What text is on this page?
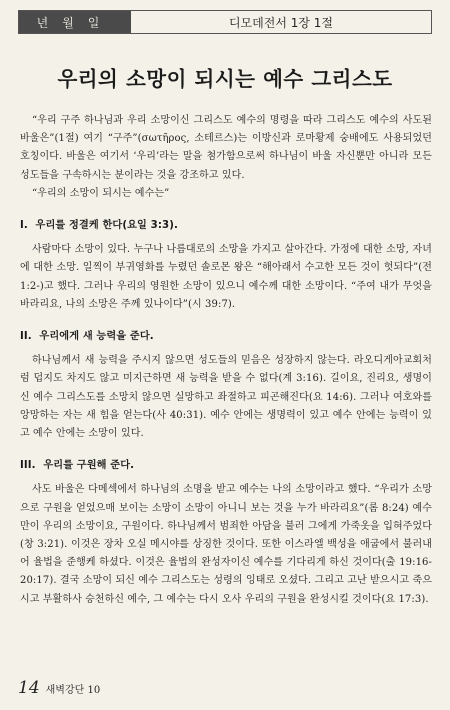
년월일	디모데전서 1장 1절
우리의 소망이 되시는 예수 그리스도

“우리 구주 하나님과 우리 소망이신 그리스도 예수의 명령을 따라 그리스도 예수의 사도된 바울은”(1절) 여기 “구주”(σωτῆρος, 소테르스)는 이방신과 로마황제 숭배에도 사용되었던 호칭이다. 바울은 여기서 ‘우리’라는 말을 첨가함으로써 하나님이 바울 자신뿐만 아니라 모든 성도들을 구속하시는 분이라는 것을 강조하고 있다.

“우리의 소망이 되시는 예수는”

I. 우리를 정결케 한다(요일 3:3).

사람마다 소망이 있다. 누구나 나름대로의 소망을 가지고 살아간다. 가정에 대한 소망, 자녀에 대한 소망. 일찍이 부귀영화를 누렸던 솔로몬 왕은 “해아래서 수고한 모든 것이 헛되다”(전 1:2-)고 했다. 그러나 우리의 영원한 소망이 있으니 예수께 대한 소망이다. “주여 내가 무엇을 바라리요, 나의 소망은 주께 있나이다”(시 39:7).

II. 우리에게 새 능력을 준다.

하나님께서 새 능력을 주시지 않으면 성도들의 믿음은 성장하지 않는다. 라오디게아교회처럼 덥지도 차지도 않고 미지근하면 새 능력을 받을 수 없다(계 3:16). 길이요, 진리요, 생명이신 예수 그리스도를 소망치 않으면 실망하고 좌절하고 피곤해진다(요 14:6). 그러나 여호와를 앙망하는 자는 새 힘을 얻는다(사 40:31). 예수 안에는 생명력이 있고 예수 안에는 능력이 있고 예수 안에는 소망이 있다.

III. 우리를 구원해 준다.

사도 바울은 다메섹에서 하나님의 소명을 받고 예수는 나의 소망이라고 했다. “우리가 소망으로 구원을 얻었으매 보이는 소망이 소망이 아니니 보는 것을 누가 바라리요”(롬 8:24) 예수만이 우리의 소망이요, 구원이다. 하나님께서 범죄한 아담을 불러 그에게 가죽옷을 입혀주었다(창 3:21). 이것은 장차 오실 메시야를 상징한 것이다. 또한 이스라엘 백성을 애굽에서 불러내어 율법을 준행케 하셨다. 이것은 율법의 완성자이신 예수를 기다리게 하신 것이다(출 19:16-20:17). 결국 소망이 되신 예수 그리스도는 성령의 잉태로 오셨다. 그리고 고난 받으시고 죽으시고 부활하사 승천하신 예수, 그 예수는 다시 오사 우리의 구원을 완성시킬 것이다(요 17:3).

14 새벽강단 10
